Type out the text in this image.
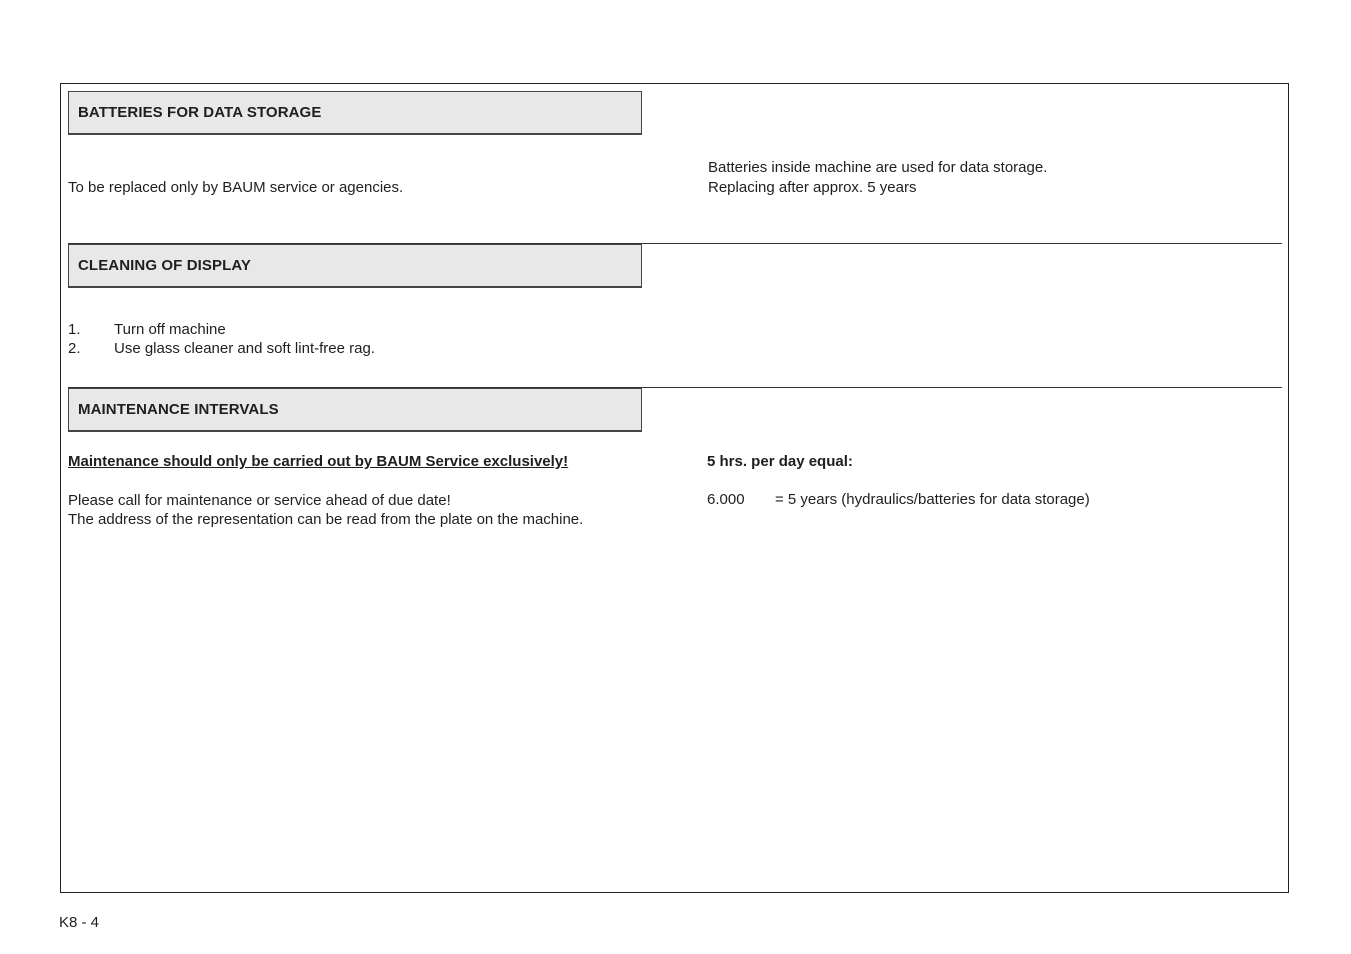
BATTERIES FOR DATA STORAGE
To be replaced only by BAUM service or agencies.
Batteries inside machine are used for data storage.
Replacing after approx. 5 years
CLEANING OF DISPLAY
1. Turn off machine
2. Use glass cleaner and soft lint-free rag.
MAINTENANCE INTERVALS
Maintenance should only be carried out by BAUM Service exclusively!
Please call for maintenance or service ahead of due date!
The address of the representation can be read from the plate on the machine.
5 hrs. per day equal:
6.000 = 5 years (hydraulics/batteries for data storage)
K8 - 4
